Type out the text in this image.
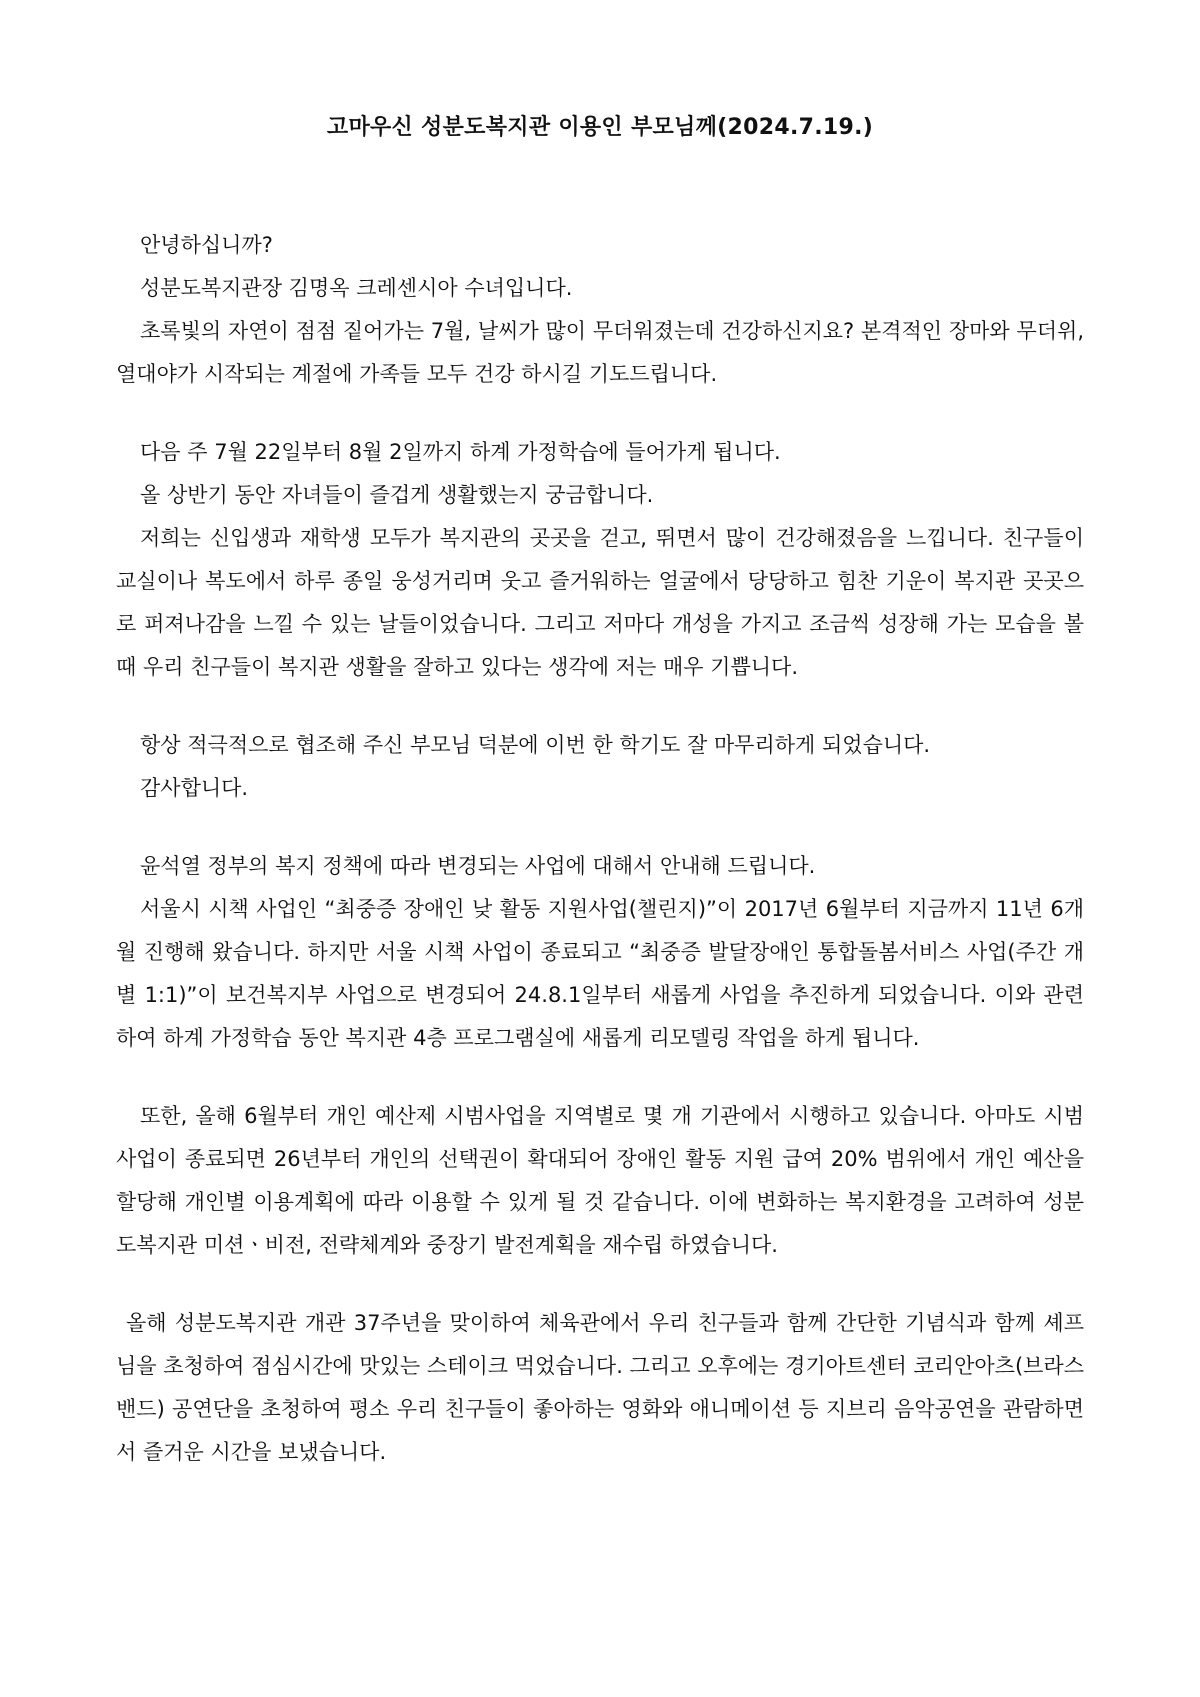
고마우신 성분도복지관 이용인 부모님께(2024.7.19.)

안녕하십니까?

성분도복지관장 김명옥 크레센시아 수녀입니다.

초록빛의 자연이 점점 짙어가는 7월, 날씨가 많이 무더워졌는데 건강하신지요? 본격적인 장마와 무더위, 열대야가 시작되는 계절에 가족들 모두 건강 하시길 기도드립니다.

다음 주 7월 22일부터 8월 2일까지 하계 가정학습에 들어가게 됩니다.

올 상반기 동안 자녀들이 즐겁게 생활했는지 궁금합니다.

저희는 신입생과 재학생 모두가 복지관의 곳곳을 걷고, 뛰면서 많이 건강해졌음을 느낍니다. 친구들이 교실이나 복도에서 하루 종일 웅성거리며 웃고 즐거워하는 얼굴에서 당당하고 힘찬 기운이 복지관 곳곳으로 퍼져나감을 느낄 수 있는 날들이었습니다. 그리고 저마다 개성을 가지고 조금씩 성장해 가는 모습을 볼 때 우리 친구들이 복지관 생활을 잘하고 있다는 생각에 저는 매우 기쁩니다.

항상 적극적으로 협조해 주신 부모님 덕분에 이번 한 학기도 잘 마무리하게 되었습니다.

감사합니다.

윤석열 정부의 복지 정책에 따라 변경되는 사업에 대해서 안내해 드립니다.

서울시 시책 사업인 “최중증 장애인 낮 활동 지원사업(챌린지)”이 2017년 6월부터 지금까지 11년 6개월 진행해 왔습니다. 하지만 서울 시책 사업이 종료되고 “최중증 발달장애인 통합돌봄서비스 사업(주간 개별 1:1)”이 보건복지부 사업으로 변경되어 24.8.1일부터 새롭게 사업을 추진하게 되었습니다. 이와 관련하여 하계 가정학습 동안 복지관 4층 프로그램실에 새롭게 리모델링 작업을 하게 됩니다.

또한, 올해 6월부터 개인 예산제 시범사업을 지역별로 몇 개 기관에서 시행하고 있습니다. 아마도 시범사업이 종료되면 26년부터 개인의 선택권이 확대되어 장애인 활동 지원 급여 20% 범위에서 개인 예산을 할당해 개인별 이용계획에 따라 이용할 수 있게 될 것 같습니다. 이에 변화하는 복지환경을 고려하여 성분도복지관 미션ㆍ비전, 전략체계와 중장기 발전계획을 재수립 하였습니다.

올해 성분도복지관 개관 37주년을 맞이하여 체육관에서 우리 친구들과 함께 간단한 기념식과 함께 셰프님을 초청하여 점심시간에 맛있는 스테이크 먹었습니다. 그리고 오후에는 경기아트센터 코리안아츠(브라스밴드) 공연단을 초청하여 평소 우리 친구들이 좋아하는 영화와 애니메이션 등 지브리 음악공연을 관람하면서 즐거운 시간을 보냈습니다.
